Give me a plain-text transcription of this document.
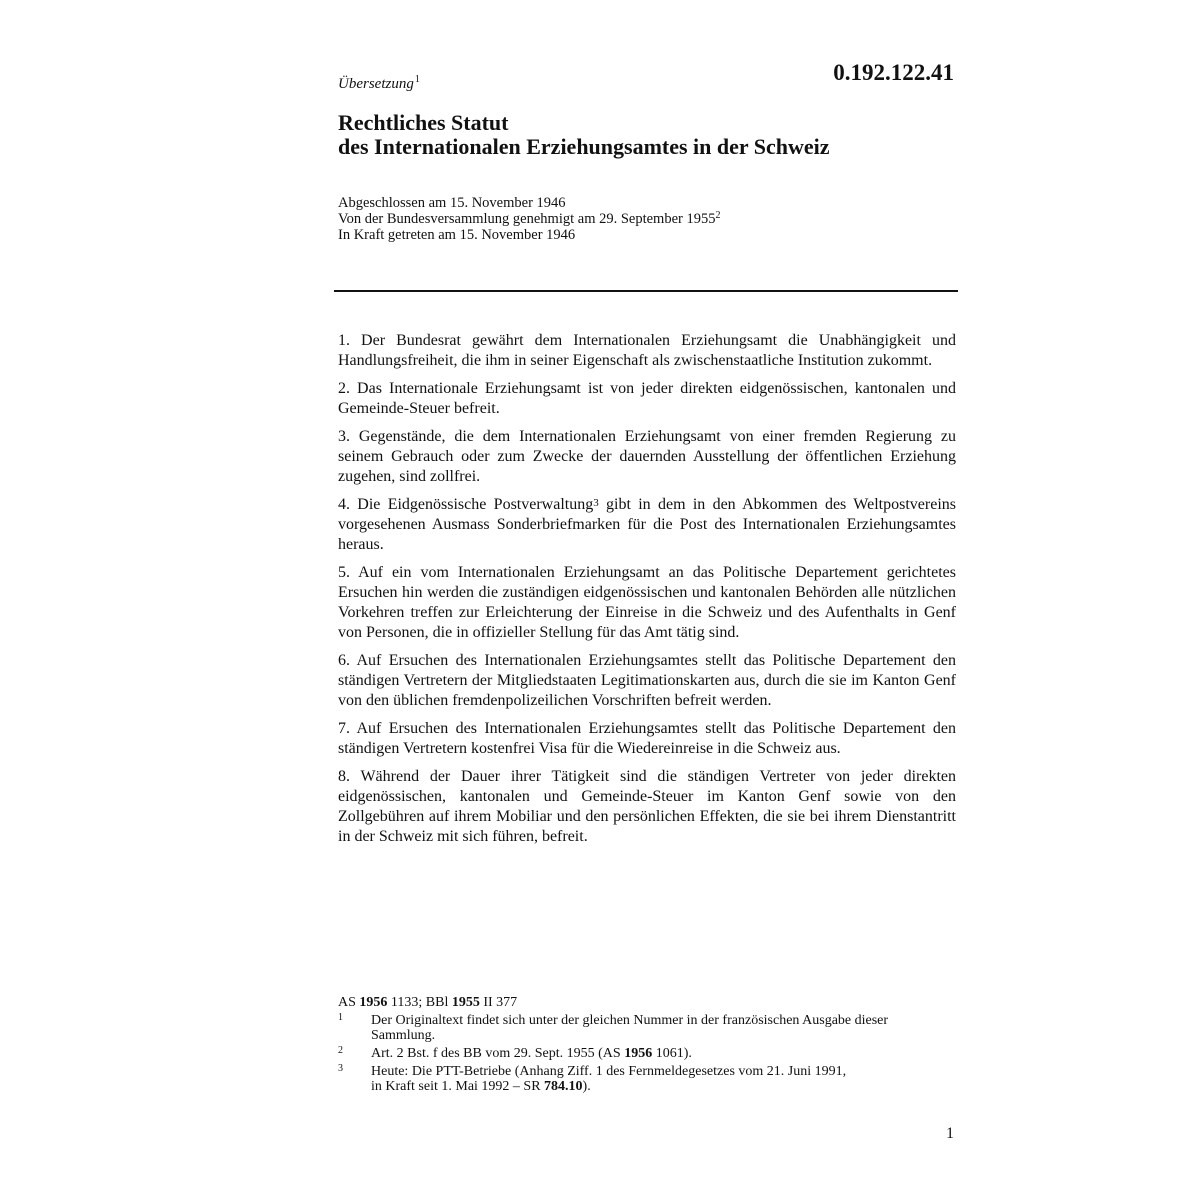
Übersetzung$^1$	0.192.122.41
Rechtliches Statut
des Internationalen Erziehungsamtes in der Schweiz
Abgeschlossen am 15. November 1946
Von der Bundesversammlung genehmigt am 29. September 1955$^2$
In Kraft getreten am 15. November 1946

1. Der Bundesrat gewährt dem Internationalen Erziehungsamt die Unabhängigkeit und Handlungsfreiheit, die ihm in seiner Eigenschaft als zwischenstaatliche Institution zukommt.

2. Das Internationale Erziehungsamt ist von jeder direkten eidgenössischen, kantonalen und Gemeinde-Steuer befreit.

3. Gegenstände, die dem Internationalen Erziehungsamt von einer fremden Regierung zu seinem Gebrauch oder zum Zwecke der dauernden Ausstellung der öffentlichen Erziehung zugehen, sind zollfrei.

4. Die Eidgenössische Postverwaltung$^3$ gibt in dem in den Abkommen des Weltpostvereins vorgesehenen Ausmass Sonderbriefmarken für die Post des Internationalen Erziehungsamtes heraus.

5. Auf ein vom Internationalen Erziehungsamt an das Politische Departement gerichtetes Ersuchen hin werden die zuständigen eidgenössischen und kantonalen Behörden alle nützlichen Vorkehren treffen zur Erleichterung der Einreise in die Schweiz und des Aufenthalts in Genf von Personen, die in offizieller Stellung für das Amt tätig sind.

6. Auf Ersuchen des Internationalen Erziehungsamtes stellt das Politische Departement den ständigen Vertretern der Mitgliedstaaten Legitimationskarten aus, durch die sie im Kanton Genf von den üblichen fremdenpolizeilichen Vorschriften befreit werden.

7. Auf Ersuchen des Internationalen Erziehungsamtes stellt das Politische Departement den ständigen Vertretern kostenfrei Visa für die Wiedereinreise in die Schweiz aus.

8. Während der Dauer ihrer Tätigkeit sind die ständigen Vertreter von jeder direkten eidgenössischen, kantonalen und Gemeinde-Steuer im Kanton Genf sowie von den Zollgebühren auf ihrem Mobiliar und den persönlichen Effekten, die sie bei ihrem Dienstantritt in der Schweiz mit sich führen, befreit.

AS 1956 1133; BBl 1955 II 377
1 Der Originaltext findet sich unter der gleichen Nummer in der französischen Ausgabe dieser Sammlung.
2 Art. 2 Bst. f des BB vom 29. Sept. 1955 (AS 1956 1061).
3 Heute: Die PTT-Betriebe (Anhang Ziff. 1 des Fernmeldegesetzes vom 21. Juni 1991,
in Kraft seit 1. Mai 1992 – SR 784.10).
1
